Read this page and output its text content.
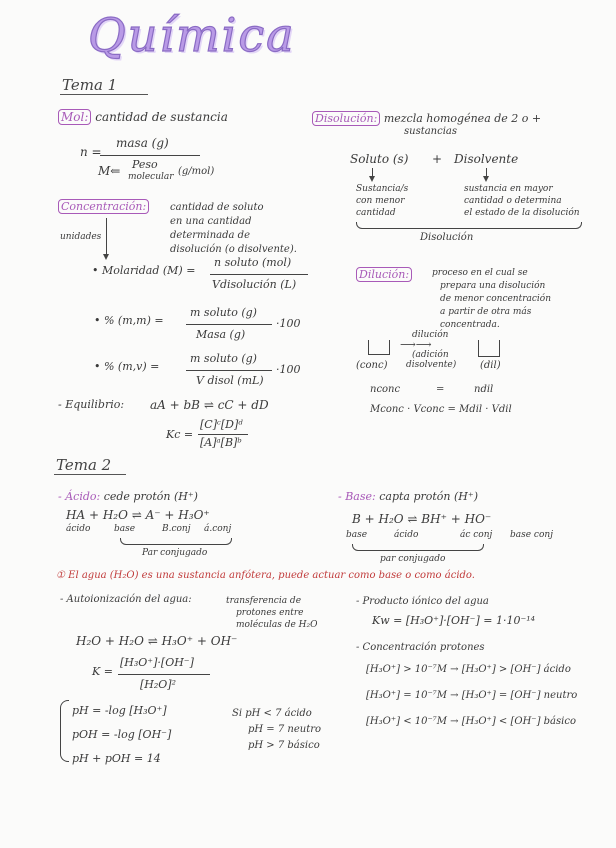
Química
Tema 1
Mol: cantidad de sustancia
n =
masa (g)
M⇐ Peso
molecular (g/mol)
Concentración:	cantidad de soluto
en una cantidad
determinada de
disolución (o disolvente).
unidades
• Molaridad (M) =
n soluto (mol)
Vdisolución (L)
• % (m,m) =
m soluto (g)
Masa (g)
·100
• % (m,v) =
m soluto (g)
V disol (mL)
·100
- Equilibrio: aA + bB ⇌ cC + dD
Kc =
[C]ᶜ[D]ᵈ
[A]ᵃ[B]ᵇ
Disolución: mezcla homogénea de 2 o +
sustancias
Soluto (s) + Disolvente
Sustancia/s
con menor
cantidad
sustancia en mayor
cantidad o determina
el estado de la disolución
Disolución
Dilución:	proceso en el cual se
prepara una disolución
de menor concentración
a partir de otra más
concentrada.
dilución
⟶⟶
(adición
disolvente)
(conc)	(dil)
nconc	=	ndil
Mconc · Vconc = Mdil · Vdil
Tema 2
- Ácido: cede protón (H⁺)
HA + H₂O ⇌ A⁻ + H₃O⁺
ácido	base	B.conj á.conj
Par conjugado
- Base: capta protón (H⁺)
B + H₂O ⇌ BH⁺ + HO⁻
base	ácido	ác conj base conj
par conjugado
① El agua (H₂O) es una sustancia anfótera, puede actuar como base o como ácido.
- Autoionización del agua:	transferencia de
protones entre
moléculas de H₂O
H₂O + H₂O ⇌ H₃O⁺ + OH⁻
K =
[H₃O⁺]·[OH⁻]
[H₂O]²
pH = -log [H₃O⁺]
pOH = -log [OH⁻]
pH + pOH = 14
Si pH < 7 ácido
pH = 7 neutro
pH > 7 básico
- Producto iónico del agua
Kw = [H₃O⁺]·[OH⁻] = 1·10⁻¹⁴
- Concentración protones
[H₃O⁺] > 10⁻⁷M → [H₃O⁺] > [OH⁻] ácido
[H₃O⁺] = 10⁻⁷M → [H₃O⁺] = [OH⁻] neutro
[H₃O⁺] < 10⁻⁷M → [H₃O⁺] < [OH⁻] básico
